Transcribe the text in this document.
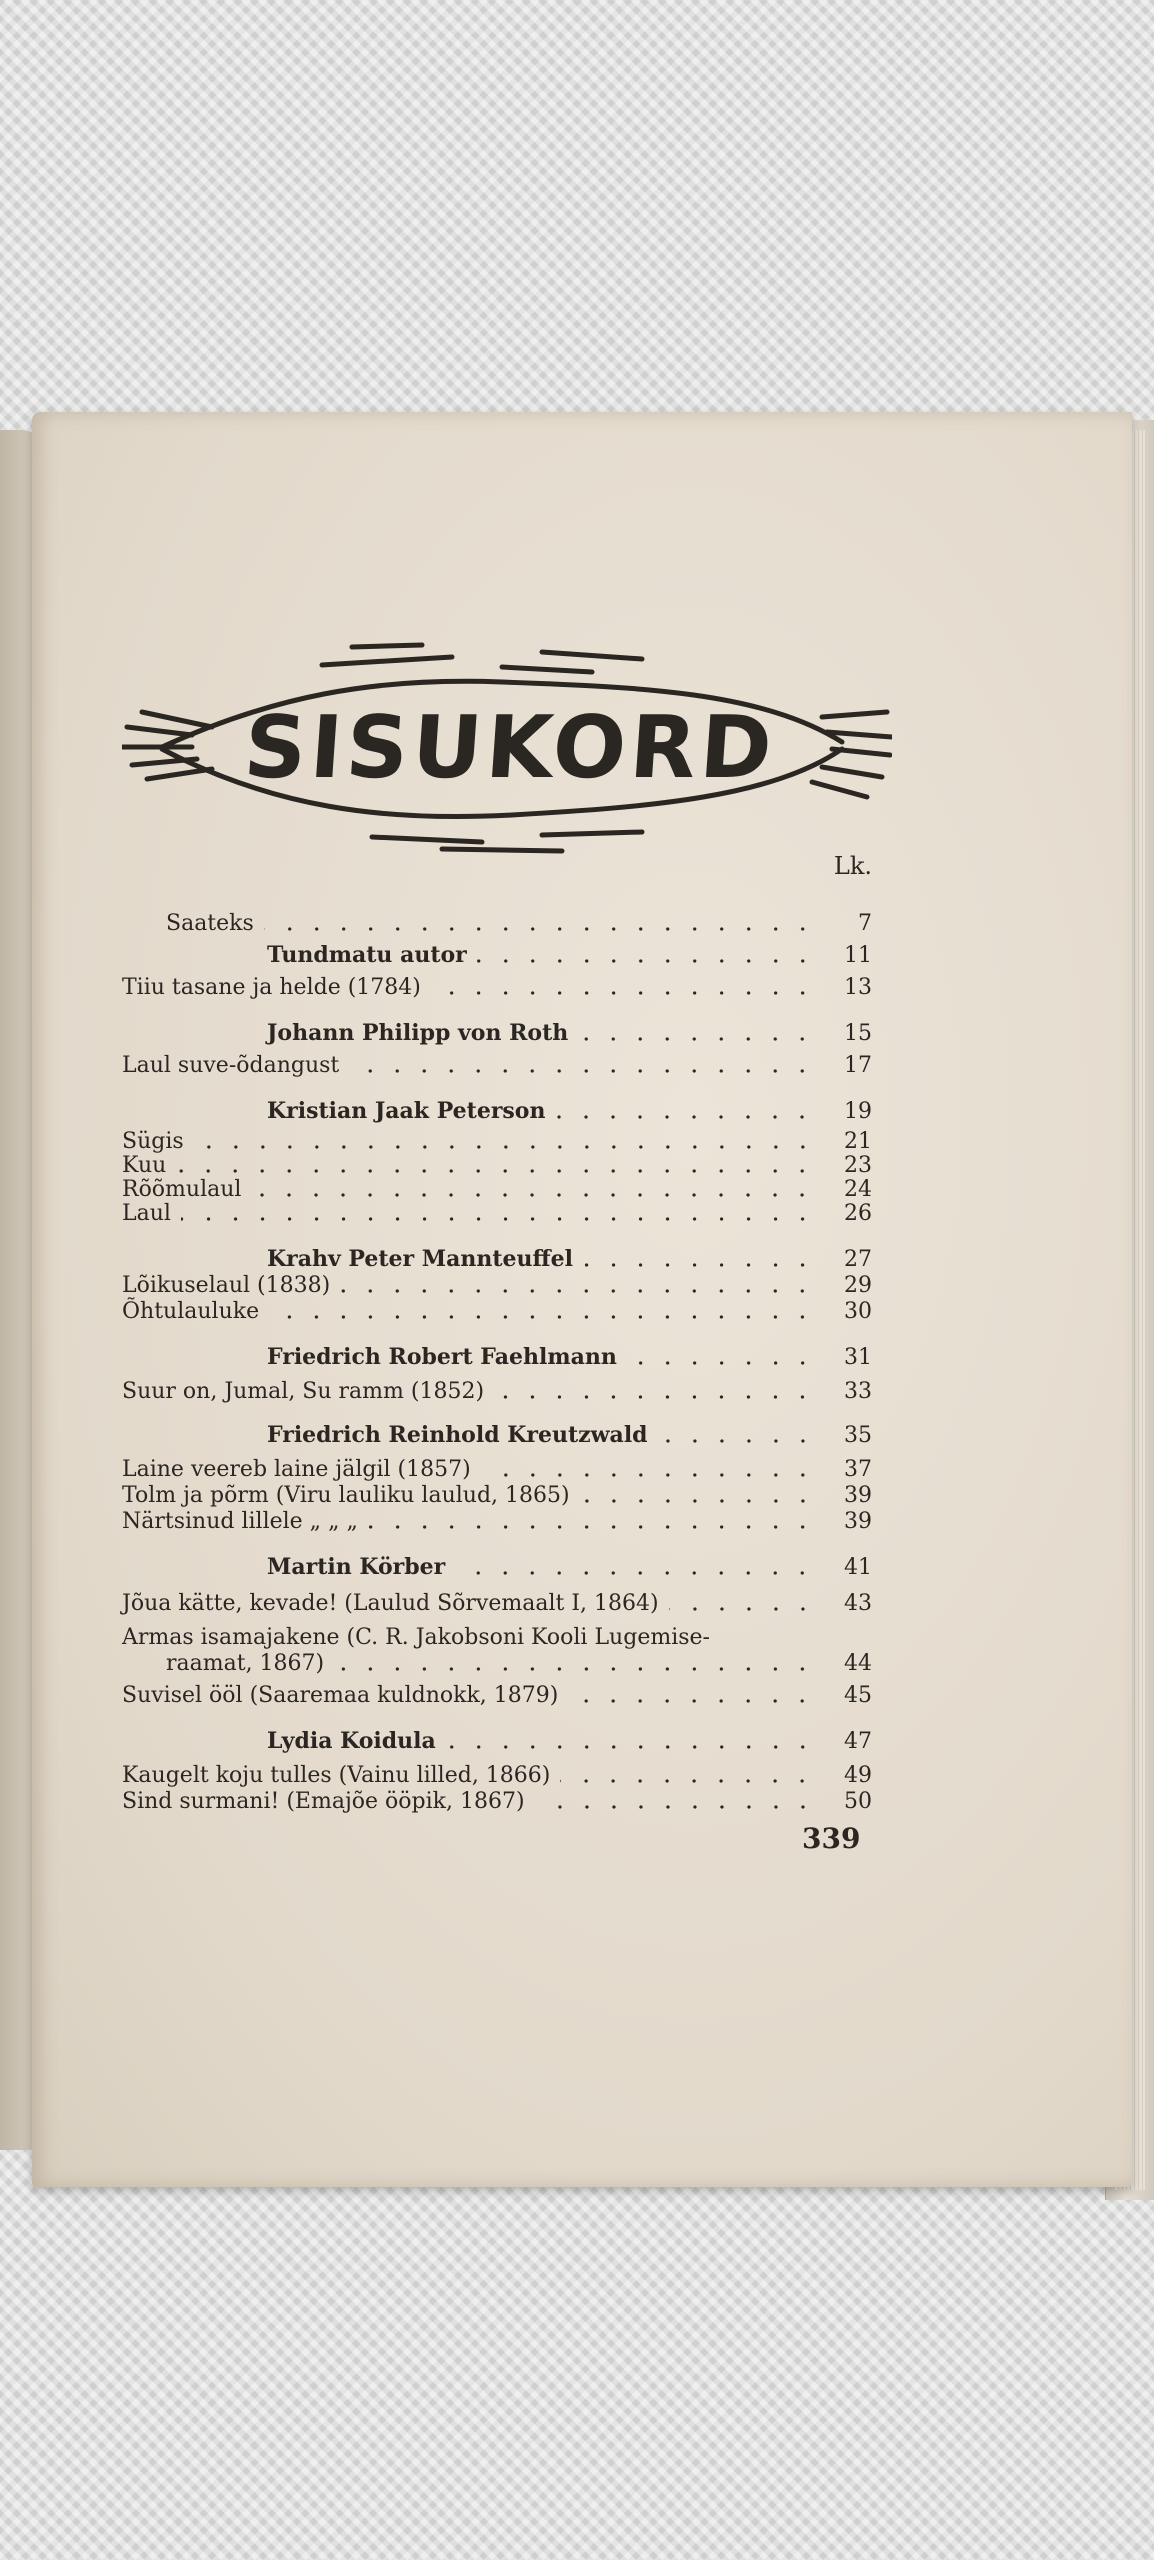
SISUKORD
Lk.
Saateks	7
Tundmatu autor	11
Tiiu tasane ja helde (1784)	13
Johann Philipp von Roth	15
Laul suve-õdangust	17
Kristian Jaak Peterson	19
Sügis	21
Kuu	23
Rõõmulaul	24
Laul	26
Krahv Peter Mannteuffel	27
Lõikuselaul (1838)	29
Õhtulauluke	30
Friedrich Robert Faehlmann	31
Suur on, Jumal, Su ramm (1852)	33
Friedrich Reinhold Kreutzwald	35
Laine veereb laine jälgil (1857)	37
Tolm ja põrm (Viru lauliku laulud, 1865)	39
Närtsinud lillele „ „ „	39
Martin Körber	41
Jõua kätte, kevade! (Laulud Sõrvemaalt I, 1864)	43
Armas isamajakene (C. R. Jakobsoni Kooli Lugemise-
raamat, 1867)	44
Suvisel ööl (Saaremaa kuldnokk, 1879)	45
Lydia Koidula	47
Kaugelt koju tulles (Vainu lilled, 1866)	49
Sind surmani! (Emajõe ööpik, 1867)	50
339
